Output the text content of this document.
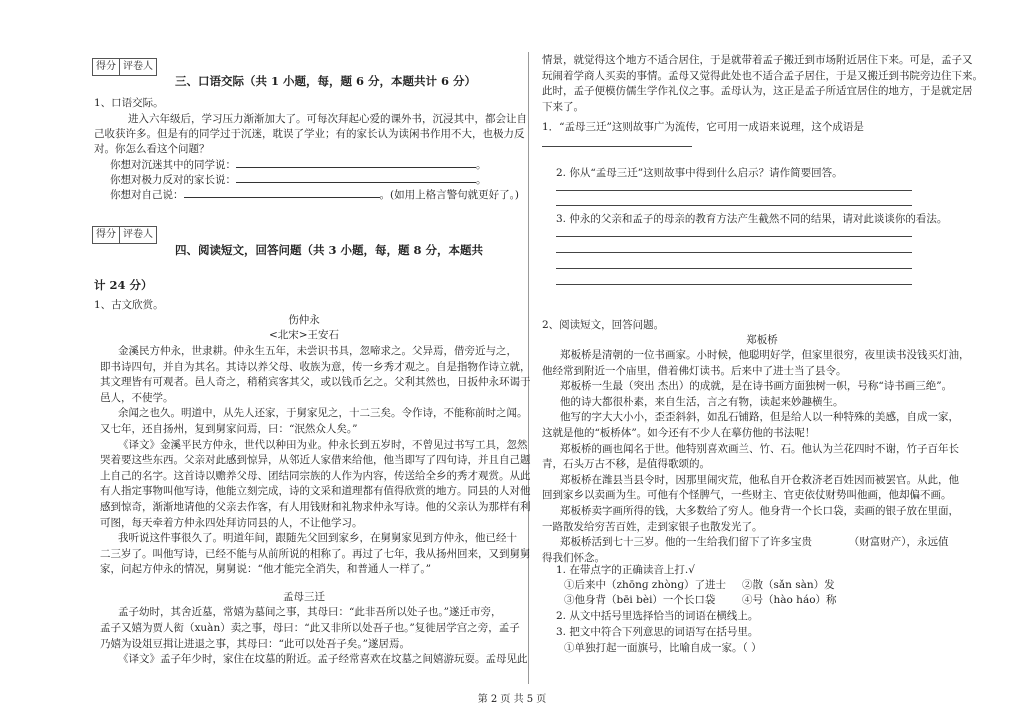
得分 评卷人
三、口语交际（共 1 小题，每，题 6 分，本题共计 6 分）
1、口语交际。
进入六年级后，学习压力渐渐加大了。可每次拜起心爱的课外书，沉浸其中，都会让自
己收获许多。但是有的同学过于沉迷，耽误了学业；有的家长认为读闲书作用不大，也极力反
对。你怎么看这个问题？
你想对沉迷其中的同学说：	。
你想对极力反对的家长说：	。
你想对自己说：	。(如用上格言警句就更好了。)
得分 评卷人
四、阅读短文，回答问题（共 3 小题，每，题 8 分，本题共
计 24 分）
1、古文欣赏。
伤仲永
<北宋>王安石
金溪民方仲永，世隶耕。仲永生五年，未尝识书具，忽啼求之。父异焉，借旁近与之，
即书诗四句，并自为其名。其诗以养父母、收族为意，传一乡秀才观之。自是指物作诗立就，
其文理皆有可观者。邑人奇之，稍稍宾客其父，或以钱币乞之。父利其然也，日扳仲永环谒于
邑人，不使学。
余闻之也久。明道中，从先人还家，于舅家见之，十二三矣。令作诗，不能称前时之闻。
又七年，还自扬州，复到舅家问焉，曰：“泯然众人矣。”
《译文》金溪平民方仲永，世代以种田为业。仲永长到五岁时，不曾见过书写工具，忽然
哭着要这些东西。父亲对此感到惊异，从邻近人家借来给他，他当即写了四句诗，并且自己题
上自己的名字。这首诗以赡养父母、团结同宗族的人作为内容，传送给全乡的秀才观赏。从此
有人指定事物叫他写诗，他能立刻完成，诗的文采和道理都有值得欣赏的地方。同县的人对他
感到惊奇，渐渐地请他的父亲去作客，有人用钱财和礼物求仲永写诗。他的父亲认为那样有利
可图，每天牵着方仲永四处拜访同县的人，不让他学习。
我听说这件事很久了。明道年间，跟随先父回到家乡，在舅舅家见到方仲永，他已经十
二三岁了。叫他写诗，已经不能与从前所说的相称了。再过了七年，我从扬州回来，又到舅舅
家，问起方仲永的情况，舅舅说：“他才能完全消失，和普通人一样了。”
孟母三迁
孟子幼时，其舍近墓，常嬉为墓间之事，其母曰：“此非吾所以处子也。”遂迁市旁，
孟子又嬉为贾人衒（xuàn）卖之事，母曰：“此又非所以处吾子也。”复徙居学宫之旁，孟子
乃嬉为设俎豆揖让进退之事，其母曰：“此可以处吾子矣。”遂居焉。
《译文》孟子年少时，家住在坟墓的附近。孟子经常喜欢在坟墓之间嬉游玩耍。孟母见此
情景，就觉得这个地方不适合居住，于是就带着孟子搬迁到市场附近居住下来。可是，孟子又
玩闹着学商人买卖的事情。孟母又觉得此处也不适合孟子居住，于是又搬迁到书院旁边住下来。
此时，孟子便模仿儒生学作礼仪之事。孟母认为，这正是孟子所适宜居住的地方，于是就定居
下来了。
1．“孟母三迁”这则故事广为流传，它可用一成语来说理，这个成语是
2. 你从“孟母三迁”这则故事中得到什么启示？请作简要回答。
3. 仲永的父亲和孟子的母亲的教育方法产生截然不同的结果，请对此谈谈你的看法。
2、阅读短文，回答问题。
郑板桥
郑板桥是清朝的一位书画家。小时候，他聪明好学，但家里很穷，夜里读书没钱买灯油，
他经常到附近一个庙里，借着佛灯读书。后来中了进士当了县令。
郑板桥一生最（突出 杰出）的成就，是在诗书画方面独树一帜，号称“诗书画三绝”。
他的诗大都很朴素，来自生活，言之有物，读起来妙趣横生。
他写的字大大小小，歪歪斜斜，如乱石铺路，但是给人以一种特殊的美感，自成一家，
这就是他的“板桥体”。如今还有不少人在摹仿他的书法呢！
郑板桥的画也闻名于世。他特别喜欢画兰、竹、石。他认为兰花四时不谢，竹子百年长
青，石头万古不移，是值得歌颂的。
郑板桥在潍县当县令时，因那里闹灾荒，他私自开仓救济老百姓因而被罢官。从此，他
回到家乡以卖画为生。可他有个怪脾气，一些财主、官吏依仗财势叫他画，他却偏不画。
郑板桥卖字画所得的钱，大多数给了穷人。他身背一个长口袋，卖画的银子放在里面，
一路散发给穷苦百姓，走到家银子也散发光了。
郑板桥活到七十三岁。他的一生给我们留下了许多宝贵　　　　（财富财产），永远值
得我们怀念。
1. 在带点字的正确读音上打.√
①后来中（zhōnɡ zhònɡ）了进士 ②散（sǎn sàn）发
③他身背（bēi bèi）一个长口袋	④号（hào háo）称
2. 从文中括号里选择恰当的词语在横线上。
3. 把文中符合下列意思的词语写在括号里。
①单独打起一面旗号，比喻自成一家。（ ）
第 2 页 共 5 页
